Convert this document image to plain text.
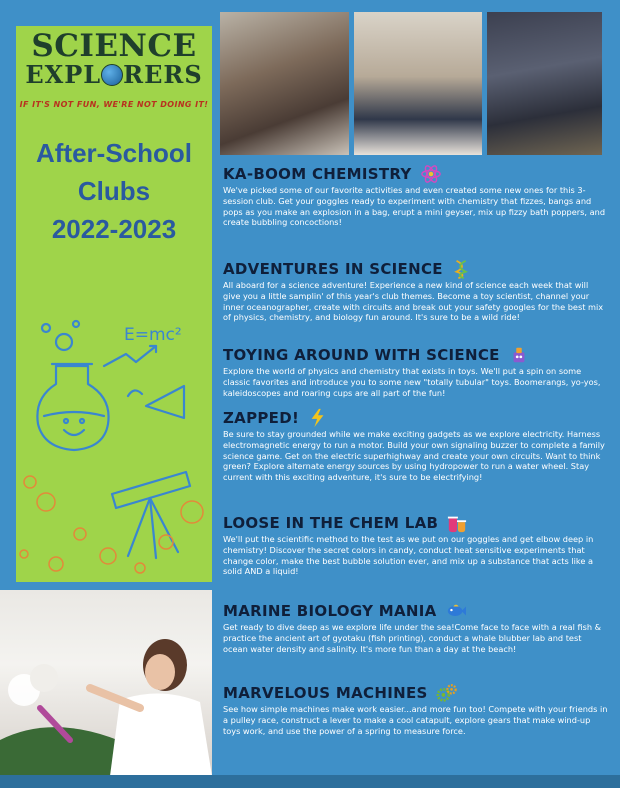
SCIENCE
EXPL RERS
IF IT'S NOT FUN, WE'RE NOT DOING IT!
After-School
Clubs
2022-2023
E=mc²
KA-BOOM CHEMISTRY
We've picked some of our favorite activities and even created some new ones for this 3-session club. Get your goggles ready to experiment with chemistry that fizzes, bangs and pops as you make an explosion in a bag, erupt a mini geyser, mix up fizzy bath poppers, and create bubbling concoctions!
ADVENTURES IN SCIENCE
All aboard for a science adventure! Experience a new kind of science each week that will give you a little samplin' of this year's club themes. Become a toy scientist, channel your inner oceanographer, create with circuits and break out your safety googles for the best mix of physics, chemistry, and biology fun around. It's sure to be a wild ride!
TOYING AROUND WITH SCIENCE
Explore the world of physics and chemistry that exists in toys. We'll put a spin on some classic favorites and introduce you to some new "totally tubular" toys. Boomerangs, yo-yos, kaleidoscopes and roaring cups are all part of the fun!
ZAPPED!
Be sure to stay grounded while we make exciting gadgets as we explore electricity. Harness electromagnetic energy to run a motor. Build your own signaling buzzer to complete a family science game. Get on the electric superhighway and create your own circuits. Want to think green? Explore alternate energy sources by using hydropower to run a water wheel. Stay current with this exciting adventure, it's sure to be electrifying!
LOOSE IN THE CHEM LAB
We'll put the scientific method to the test as we put on our goggles and get elbow deep in chemistry! Discover the secret colors in candy, conduct heat sensitive experiments that change color, make the best bubble solution ever, and mix up a substance that acts like a solid AND a liquid!
MARINE BIOLOGY MANIA
Get ready to dive deep as we explore life under the sea!Come face to face with a real fish & practice the ancient art of gyotaku (fish printing), conduct a whale blubber lab and test ocean water density and salinity. It's more fun than a day at the beach!
MARVELOUS MACHINES
See how simple machines make work easier...and more fun too! Compete with your friends in a pulley race, construct a lever to make a cool catapult, explore gears that make wind-up toys work, and use the power of a spring to measure force.
